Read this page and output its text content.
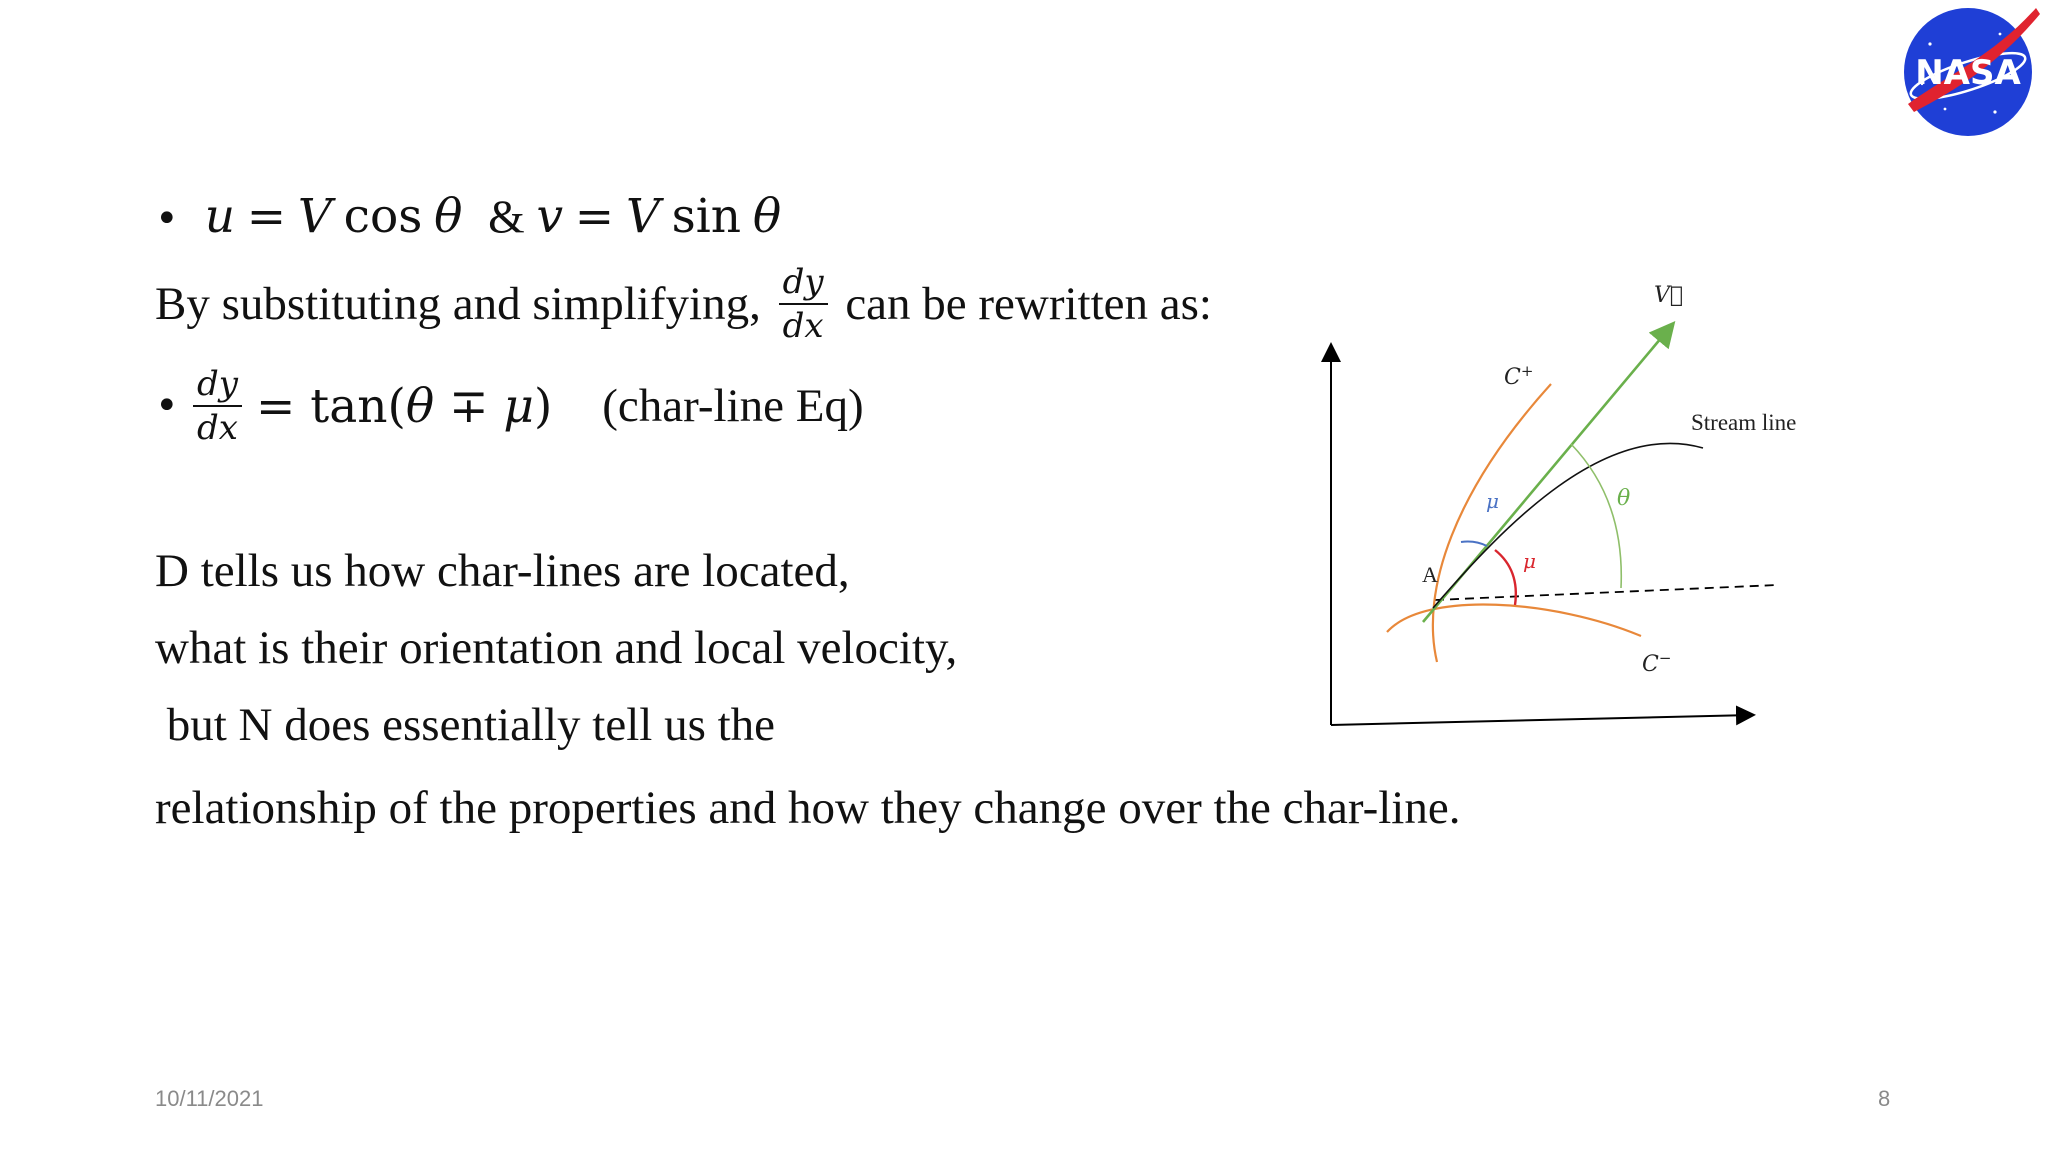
• u = V cos θ & v = V sin θ
By substituting and simplifying, $\frac{dy}{dx}$ can be rewritten as:
• $\frac{dy}{dx} = \tan$( θ ∓ μ ) (char-line Eq)
D tells us how char-lines are located,
what is their orientation and local velocity,
but N does essentially tell us the
relationship of the properties and how they change over the char-line.
V⃗
C+
C−
Stream line
θ
μ
μ
A
NASA
10/11/2021	8
